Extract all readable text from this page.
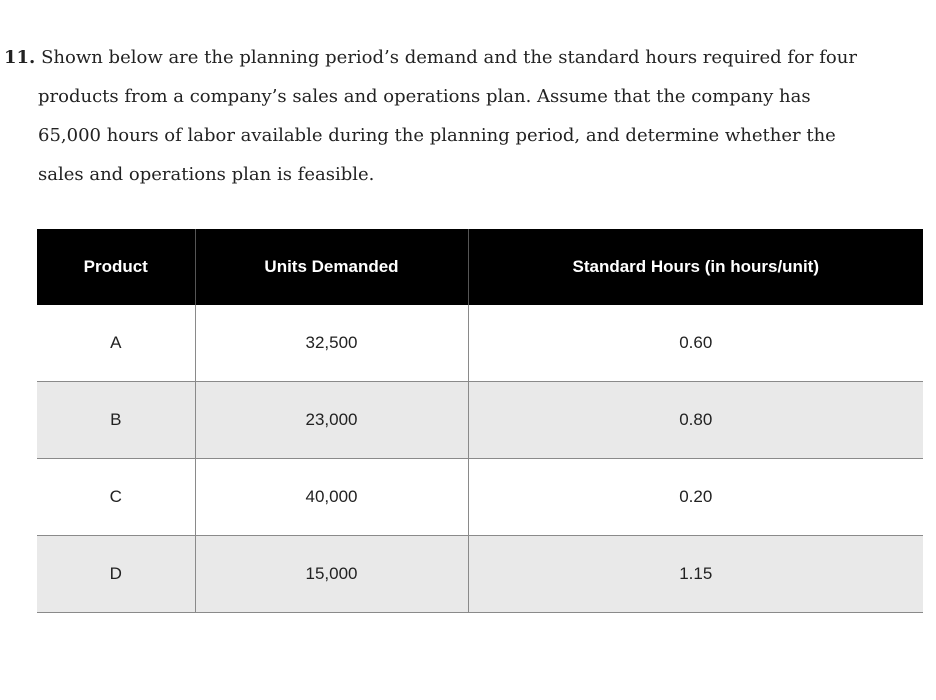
11. Shown below are the planning period’s demand and the standard hours required for four
products from a company’s sales and operations plan. Assume that the company has
65,000 hours of labor available during the planning period, and determine whether the
sales and operations plan is feasible.
Product	Units Demanded	Standard Hours (in hours/unit)
A	32,500	0.60
B	23,000	0.80
C	40,000	0.20
D	15,000	1.15
